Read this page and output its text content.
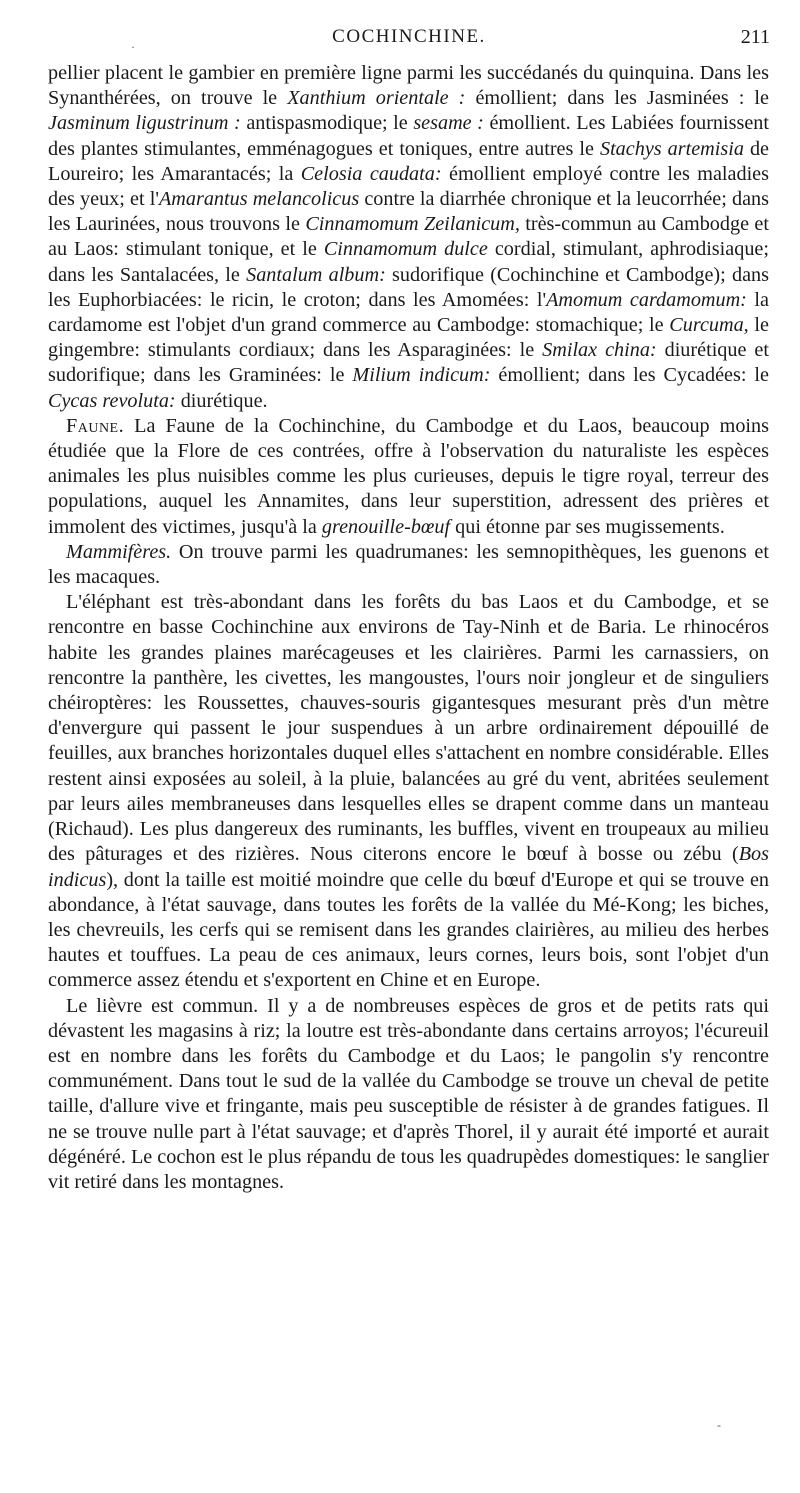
COCHINCHINE.	211

pellier placent le gambier en première ligne parmi les succédanés du quinquina. Dans les Synanthérées, on trouve le Xanthium orientale : émollient; dans les Jasminées : le Jasminum ligustrinum : antispasmodique; le sesame : émollient. Les Labiées fournissent des plantes stimulantes, emménagogues et toniques, entre autres le Stachys artemisia de Loureiro; les Amarantacés; la Celosia caudata: émollient employé contre les maladies des yeux; et l'Amarantus melancolicus contre la diarrhée chronique et la leucorrhée; dans les Laurinées, nous trouvons le Cinnamomum Zeilanicum, très-commun au Cambodge et au Laos: stimulant tonique, et le Cinnamomum dulce cordial, stimulant, aphrodisiaque; dans les Santalacées, le Santalum album: sudorifique (Cochinchine et Cambodge); dans les Euphorbiacées: le ricin, le croton; dans les Amomées: l'Amomum cardamomum: la cardamome est l'objet d'un grand commerce au Cambodge: stomachique; le Curcuma, le gingembre: stimulants cordiaux; dans les Asparaginées: le Smilax china: diurétique et sudorifique; dans les Graminées: le Milium indicum: émollient; dans les Cycadées: le Cycas revoluta: diurétique.

Faune. La Faune de la Cochinchine, du Cambodge et du Laos, beaucoup moins étudiée que la Flore de ces contrées, offre à l'observation du naturaliste les espèces animales les plus nuisibles comme les plus curieuses, depuis le tigre royal, terreur des populations, auquel les Annamites, dans leur superstition, adressent des prières et immolent des victimes, jusqu'à la grenouille-bœuf qui étonne par ses mugissements.

Mammifères. On trouve parmi les quadrumanes: les semnopithèques, les guenons et les macaques.

L'éléphant est très-abondant dans les forêts du bas Laos et du Cambodge, et se rencontre en basse Cochinchine aux environs de Tay-Ninh et de Baria. Le rhinocéros habite les grandes plaines marécageuses et les clairières. Parmi les carnassiers, on rencontre la panthère, les civettes, les mangoustes, l'ours noir jongleur et de singuliers chéiroptères: les Roussettes, chauves-souris gigantesques mesurant près d'un mètre d'envergure qui passent le jour suspendues à un arbre ordinairement dépouillé de feuilles, aux branches horizontales duquel elles s'attachent en nombre considérable. Elles restent ainsi exposées au soleil, à la pluie, balancées au gré du vent, abritées seulement par leurs ailes membraneuses dans lesquelles elles se drapent comme dans un manteau (Richaud). Les plus dangereux des ruminants, les buffles, vivent en troupeaux au milieu des pâturages et des rizières. Nous citerons encore le bœuf à bosse ou zébu (Bos indicus), dont la taille est moitié moindre que celle du bœuf d'Europe et qui se trouve en abondance, à l'état sauvage, dans toutes les forêts de la vallée du Mé-Kong; les biches, les chevreuils, les cerfs qui se remisent dans les grandes clairières, au milieu des herbes hautes et touffues. La peau de ces animaux, leurs cornes, leurs bois, sont l'objet d'un commerce assez étendu et s'exportent en Chine et en Europe.

Le lièvre est commun. Il y a de nombreuses espèces de gros et de petits rats qui dévastent les magasins à riz; la loutre est très-abondante dans certains arroyos; l'écureuil est en nombre dans les forêts du Cambodge et du Laos; le pangolin s'y rencontre communément. Dans tout le sud de la vallée du Cambodge se trouve un cheval de petite taille, d'allure vive et fringante, mais peu susceptible de résister à de grandes fatigues. Il ne se trouve nulle part à l'état sauvage; et d'après Thorel, il y aurait été importé et aurait dégénéré. Le cochon est le plus répandu de tous les quadrupèdes domestiques: le sanglier vit retiré dans les montagnes.

·
-
